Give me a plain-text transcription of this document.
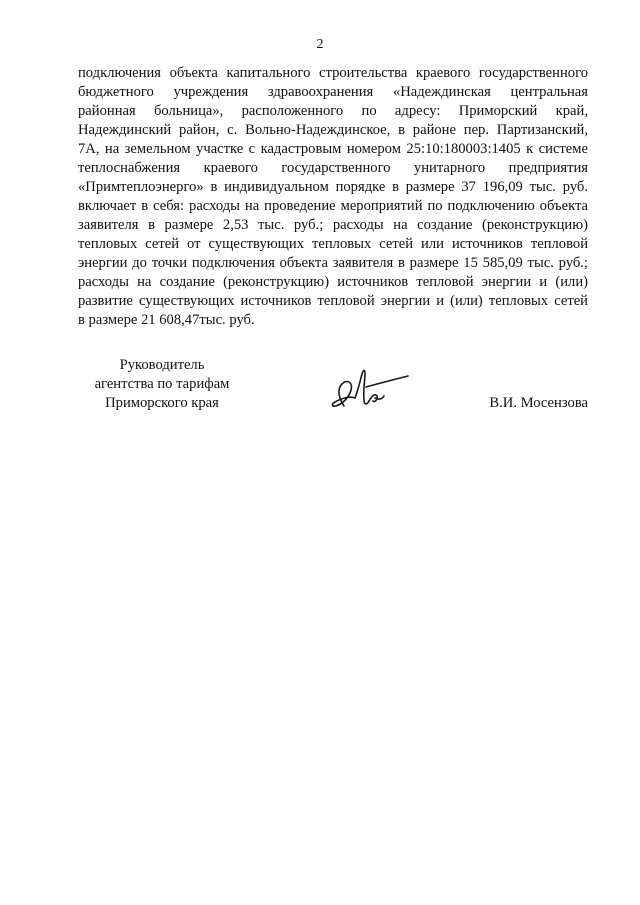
2

подключения объекта капитального строительства краевого государственного
бюджетного учреждения здравоохранения «Надеждинская центральная
районная больница», расположенного по адресу: Приморский край,
Надеждинский район, с. Вольно-Надеждинское, в районе пер. Партизанский,
7А, на земельном участке с кадастровым номером 25:10:180003:1405 к системе
теплоснабжения краевого государственного унитарного предприятия
«Примтеплоэнерго» в индивидуальном порядке в размере 37 196,09 тыс. руб.
включает в себя: расходы на проведение мероприятий по подключению объекта
заявителя в размере 2,53 тыс. руб.; расходы на создание (реконструкцию)
тепловых сетей от существующих тепловых сетей или источников тепловой
энергии до точки подключения объекта заявителя в размере 15 585,09 тыс. руб.;
расходы на создание (реконструкцию) источников тепловой энергии и (или)
развитие существующих источников тепловой энергии и (или) тепловых сетей
в размере 21 608,47тыс. руб.

Руководитель
агентства по тарифам
Приморского края	В.И. Мосензова
